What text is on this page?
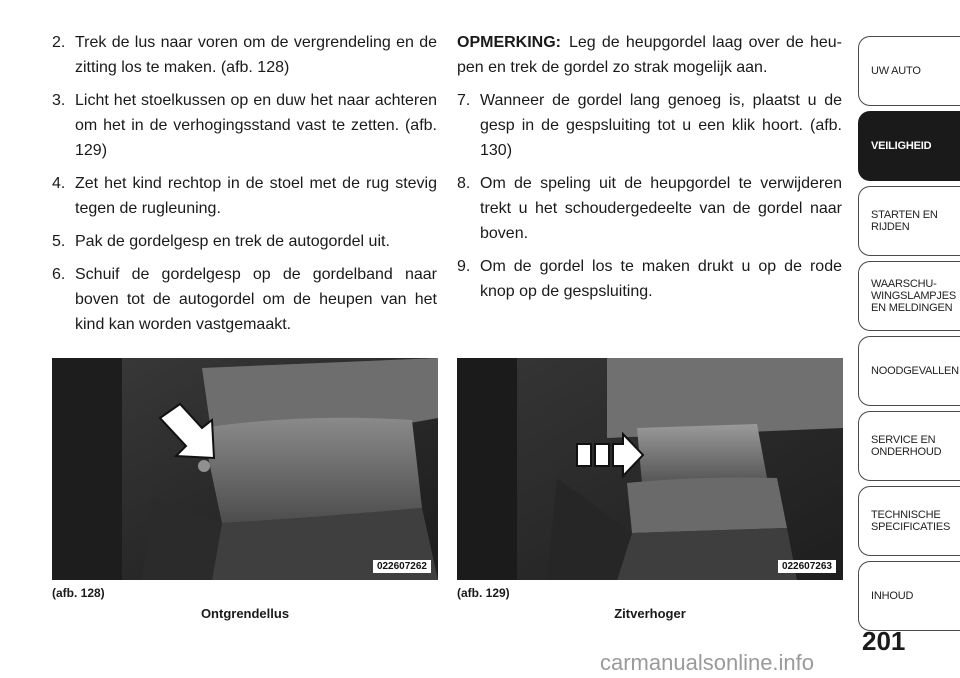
2. Trek de lus naar voren om de vergrendeling en de zitting los te maken. (afb. 128)
3. Licht het stoelkussen op en duw het naar achteren om het in de verhogingsstand vast te zetten. (afb. 129)
4. Zet het kind rechtop in de stoel met de rug stevig tegen de rugleuning.
5. Pak de gordelgesp en trek de autogordel uit.
6. Schuif de gordelgesp op de gordelband naar boven tot de autogordel om de heupen van het kind kan worden vastgemaakt.
OPMERKING: Leg de heupgordel laag over de heu-pen en trek de gordel zo strak mogelijk aan.
7. Wanneer de gordel lang genoeg is, plaatst u de gesp in de gespsluiting tot u een klik hoort. (afb. 130)
8. Om de speling uit de heupgordel te verwijderen trekt u het schoudergedeelte van de gordel naar boven.
9. Om de gordel los te maken drukt u op de rode knop op de gespsluiting.
022607262	022607263
(afb. 128)
Ontgrendellus
(afb. 129)
Zitverhoger
UW AUTO
VEILIGHEID
STARTEN EN
RIJDEN
WAARSCHU-
WINGSLAMPJES
EN MELDINGEN
NOODGEVALLEN
SERVICE EN
ONDERHOUD
TECHNISCHE
SPECIFICATIES
INHOUD
201
carmanualsonline.info
